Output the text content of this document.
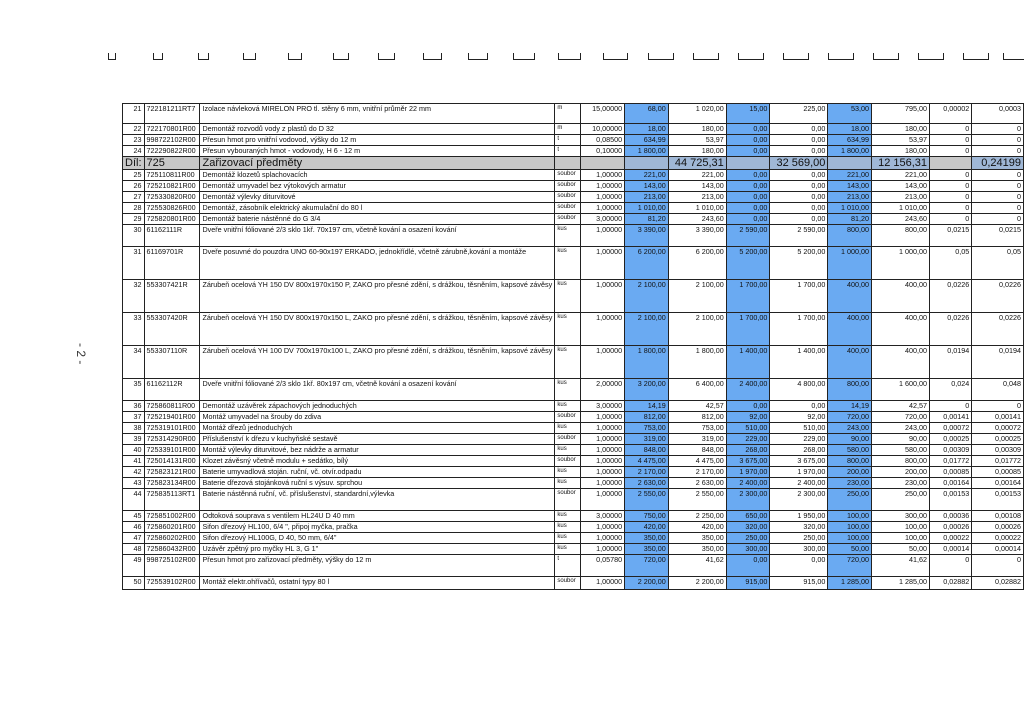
- 2 -
21	722181211RT7	Izolace návleková MIRELON PRO tl. stěny 6 mm, vnitřní průměr 22 mm	m	15,00000	68,00	1 020,00	15,00	225,00	53,00	795,00	0,00002	0,0003
22	722170801R00	Demontáž rozvodů vody z plastů do D 32	m	10,00000	18,00	180,00	0,00	0,00	18,00	180,00	0	0
23	998722102R00	Přesun hmot pro vnitřní vodovod, výšky do 12 m	t	0,08500	634,99	53,97	0,00	0,00	634,99	53,97	0	0
24	722290822R00	Přesun vybouraných hmot - vodovody, H 6 - 12 m	t	0,10000	1 800,00	180,00	0,00	0,00	1 800,00	180,00	0	0
Díl:	725	Zařizovací předměty				44 725,31		32 569,00		12 156,31		0,24199
25	725110811R00	Demontáž klozetů splachovacích	soubor	1,00000	221,00	221,00	0,00	0,00	221,00	221,00	0	0
26	725210821R00	Demontáž umyvadel bez výtokových armatur	soubor	1,00000	143,00	143,00	0,00	0,00	143,00	143,00	0	0
27	725330820R00	Demontáž výlevky diturvitové	soubor	1,00000	213,00	213,00	0,00	0,00	213,00	213,00	0	0
28	725530826R00	Demontáž, zásobník elektrický akumulační do 80 l	soubor	1,00000	1 010,00	1 010,00	0,00	0,00	1 010,00	1 010,00	0	0
29	725820801R00	Demontáž baterie nástěnné do G 3/4	soubor	3,00000	81,20	243,60	0,00	0,00	81,20	243,60	0	0
30	61162111R	Dveře vnitřní fóliované 2/3 sklo 1kř. 70x197 cm, včetně kování a osazení kování	kus	1,00000	3 390,00	3 390,00	2 590,00	2 590,00	800,00	800,00	0,0215	0,0215
31	61169701R	Dveře posuvné do pouzdra UNO 60-90x197 ERKADO, jednokřídlé, včetně zárubně,kování a montáže	kus	1,00000	6 200,00	6 200,00	5 200,00	5 200,00	1 000,00	1 000,00	0,05	0,05
32	553307421R	Zárubeň ocelová YH 150 DV 800x1970x150 P, ZAKO pro přesné zdění, s drážkou, těsněním, kapsové závěsy	kus	1,00000	2 100,00	2 100,00	1 700,00	1 700,00	400,00	400,00	0,0226	0,0226
33	553307420R	Zárubeň ocelová YH 150 DV 800x1970x150 L, ZAKO pro přesné zdění, s drážkou, těsněním, kapsové závěsy	kus	1,00000	2 100,00	2 100,00	1 700,00	1 700,00	400,00	400,00	0,0226	0,0226
34	553307110R	Zárubeň ocelová YH 100 DV 700x1970x100 L, ZAKO pro přesné zdění, s drážkou, těsněním, kapsové závěsy	kus	1,00000	1 800,00	1 800,00	1 400,00	1 400,00	400,00	400,00	0,0194	0,0194
35	61162112R	Dveře vnitřní fóliované 2/3 sklo 1kř. 80x197 cm, včetně kování a osazení kování	kus	2,00000	3 200,00	6 400,00	2 400,00	4 800,00	800,00	1 600,00	0,024	0,048
36	725860811R00	Demontáž uzávěrek zápachových jednoduchých	kus	3,00000	14,19	42,57	0,00	0,00	14,19	42,57	0	0
37	725219401R00	Montáž umyvadel na šrouby do zdiva	soubor	1,00000	812,00	812,00	92,00	92,00	720,00	720,00	0,00141	0,00141
38	725319101R00	Montáž dřezů jednoduchých	kus	1,00000	753,00	753,00	510,00	510,00	243,00	243,00	0,00072	0,00072
39	725314290R00	Příslušenství k dřezu v kuchyňské sestavě	soubor	1,00000	319,00	319,00	229,00	229,00	90,00	90,00	0,00025	0,00025
40	725339101R00	Montáž výlevky diturvitové, bez nádrže a armatur	kus	1,00000	848,00	848,00	268,00	268,00	580,00	580,00	0,00309	0,00309
41	725014131R00	Klozet závěsný včetně modulu + sedátko, bílý	soubor	1,00000	4 475,00	4 475,00	3 675,00	3 675,00	800,00	800,00	0,01772	0,01772
42	725823121R00	Baterie umyvadlová stoján. ruční, vč. otvír.odpadu	kus	1,00000	2 170,00	2 170,00	1 970,00	1 970,00	200,00	200,00	0,00085	0,00085
43	725823134R00	Baterie dřezová stojánková ruční s výsuv. sprchou	kus	1,00000	2 630,00	2 630,00	2 400,00	2 400,00	230,00	230,00	0,00164	0,00164
44	725835113RT1	Baterie nástěnná ruční, vč. příslušenství, standardní,výlevka	soubor	1,00000	2 550,00	2 550,00	2 300,00	2 300,00	250,00	250,00	0,00153	0,00153
45	725851002R00	Odtoková souprava s ventilem HL24U D 40 mm	kus	3,00000	750,00	2 250,00	650,00	1 950,00	100,00	300,00	0,00036	0,00108
46	725860201R00	Sifon dřezový HL100, 6/4 ", připoj myčka, pračka	kus	1,00000	420,00	420,00	320,00	320,00	100,00	100,00	0,00026	0,00026
47	725860202R00	Sifon dřezový HL100G, D 40, 50 mm, 6/4"	kus	1,00000	350,00	350,00	250,00	250,00	100,00	100,00	0,00022	0,00022
48	725860432R00	Uzávěr zpětný pro myčky HL 3, G 1"	kus	1,00000	350,00	350,00	300,00	300,00	50,00	50,00	0,00014	0,00014
49	998725102R00	Přesun hmot pro zařizovací předměty, výšky do 12 m	t	0,05780	720,00	41,62	0,00	0,00	720,00	41,62	0	0
50	725539102R00	Montáž elektr.ohřívačů, ostatní typy 80 l	soubor	1,00000	2 200,00	2 200,00	915,00	915,00	1 285,00	1 285,00	0,02882	0,02882
